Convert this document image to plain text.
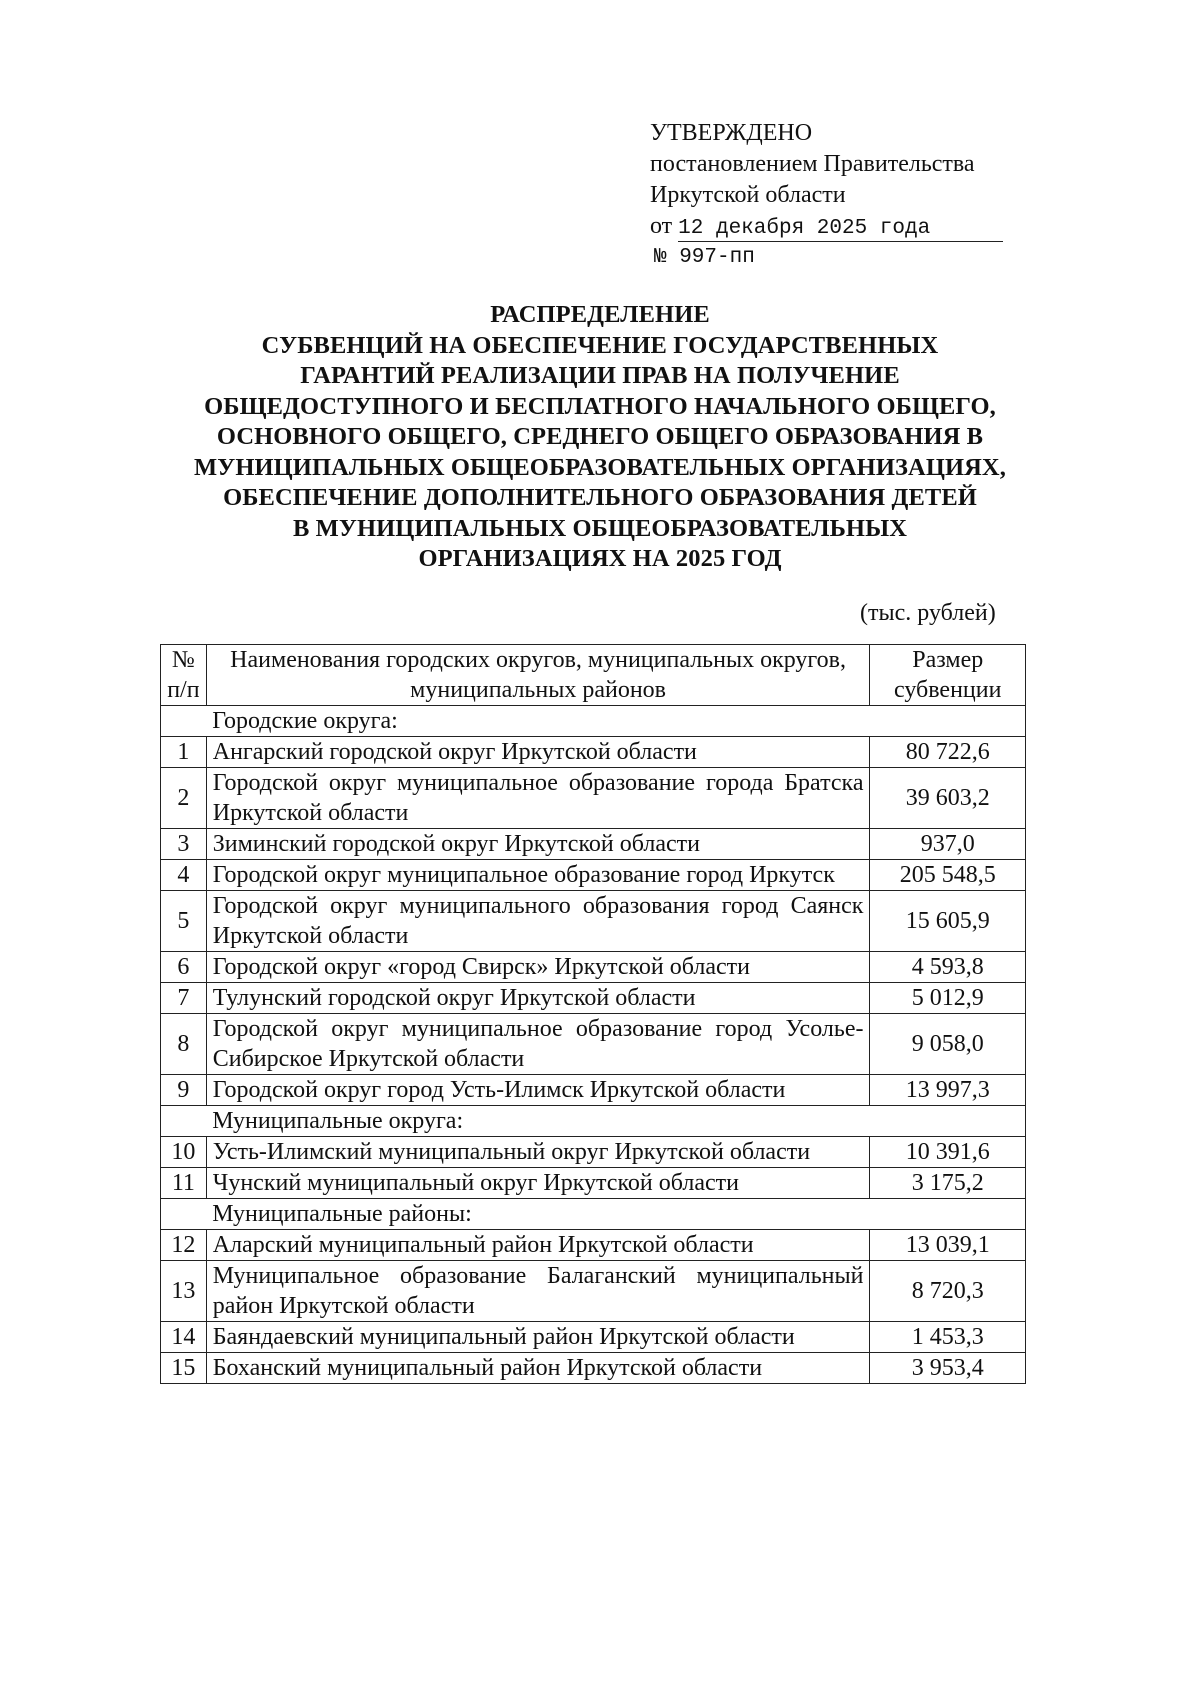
УТВЕРЖДЕНО
постановлением Правительства
Иркутской области
от 12 декабря 2025 года
№ 997-пп
РАСПРЕДЕЛЕНИЕ
СУБВЕНЦИЙ НА ОБЕСПЕЧЕНИЕ ГОСУДАРСТВЕННЫХ
ГАРАНТИЙ РЕАЛИЗАЦИИ ПРАВ НА ПОЛУЧЕНИЕ
ОБЩЕДОСТУПНОГО И БЕСПЛАТНОГО НАЧАЛЬНОГО ОБЩЕГО,
ОСНОВНОГО ОБЩЕГО, СРЕДНЕГО ОБЩЕГО ОБРАЗОВАНИЯ В
МУНИЦИПАЛЬНЫХ ОБЩЕОБРАЗОВАТЕЛЬНЫХ ОРГАНИЗАЦИЯХ,
ОБЕСПЕЧЕНИЕ ДОПОЛНИТЕЛЬНОГО ОБРАЗОВАНИЯ ДЕТЕЙ
В МУНИЦИПАЛЬНЫХ ОБЩЕОБРАЗОВАТЕЛЬНЫХ
ОРГАНИЗАЦИЯХ НА 2025 ГОД
(тыс. рублей)
№ п/п	Наименования городских округов, муниципальных округов, муниципальных районов	Размер субвенции
	Городские округа:	
1	Ангарский городской округ Иркутской области	80 722,6
2	Городской округ муниципальное образование города Братска Иркутской области	39 603,2
3	Зиминский городской округ Иркутской области	937,0
4	Городской округ муниципальное образование город Иркутск	205 548,5
5	Городской округ муниципального образования город Саянск Иркутской области	15 605,9
6	Городской округ «город Свирск» Иркутской области	4 593,8
7	Тулунский городской округ Иркутской области	5 012,9
8	Городской округ муниципальное образование город Усолье-Сибирское Иркутской области	9 058,0
9	Городской округ город Усть-Илимск Иркутской области	13 997,3
	Муниципальные округа:	
10	Усть-Илимский муниципальный округ Иркутской области	10 391,6
11	Чунский муниципальный округ Иркутской области	3 175,2
	Муниципальные районы:	
12	Аларский муниципальный район Иркутской области	13 039,1
13	Муниципальное образование Балаганский муниципальный район Иркутской области	8 720,3
14	Баяндаевский муниципальный район Иркутской области	1 453,3
15	Боханский муниципальный район Иркутской области	3 953,4
